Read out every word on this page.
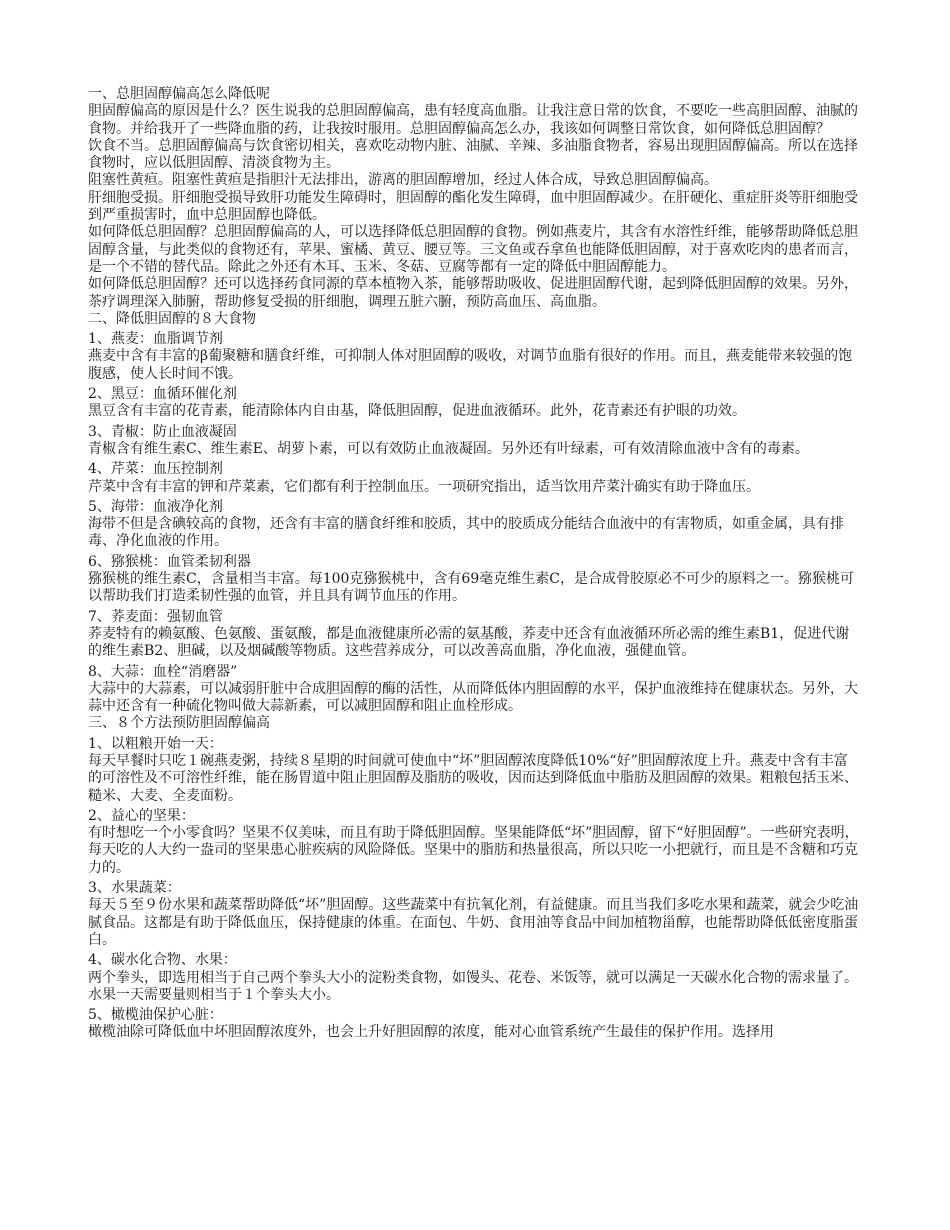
一、总胆固醇偏高怎么降低呢

胆固醇偏高的原因是什么？医生说我的总胆固醇偏高，患有轻度高血脂。让我注意日常的饮食，不要吃一些高胆固醇、油腻的食物。并给我开了一些降血脂的药，让我按时服用。总胆固醇偏高怎么办，我该如何调整日常饮食，如何降低总胆固醇？

饮食不当。总胆固醇偏高与饮食密切相关，喜欢吃动物内脏、油腻、辛辣、多油脂食物者，容易出现胆固醇偏高。所以在选择食物时，应以低胆固醇、清淡食物为主。

阻塞性黄疸。阻塞性黄疸是指胆汁无法排出，游离的胆固醇增加，经过人体合成，导致总胆固醇偏高。

肝细胞受损。肝细胞受损导致肝功能发生障碍时，胆固醇的酯化发生障碍，血中胆固醇减少。在肝硬化、重症肝炎等肝细胞受到严重损害时，血中总胆固醇也降低。

如何降低总胆固醇？总胆固醇偏高的人，可以选择降低总胆固醇的食物。例如燕麦片，其含有水溶性纤维，能够帮助降低总胆固醇含量，与此类似的食物还有，苹果、蜜橘、黄豆、腰豆等。三文鱼或吞拿鱼也能降低胆固醇，对于喜欢吃肉的患者而言，是一个不错的替代品。除此之外还有木耳、玉米、冬菇、豆腐等都有一定的降低中胆固醇能力。

如何降低总胆固醇？还可以选择药食同源的草本植物入茶，能够帮助吸收、促进胆固醇代谢，起到降低胆固醇的效果。另外，茶疗调理深入肺腑，帮助修复受损的肝细胞，调理五脏六腑，预防高血压、高血脂。

二、降低胆固醇的８大食物

1、燕麦：血脂调节剂

燕麦中含有丰富的β葡聚糖和膳食纤维，可抑制人体对胆固醇的吸收，对调节血脂有很好的作用。而且，燕麦能带来较强的饱腹感，使人长时间不饿。

2、黑豆：血循环催化剂

黑豆含有丰富的花青素，能清除体内自由基，降低胆固醇，促进血液循环。此外，花青素还有护眼的功效。

3、青椒：防止血液凝固

青椒含有维生素C、维生素E、胡萝卜素，可以有效防止血液凝固。另外还有叶绿素，可有效清除血液中含有的毒素。

4、芹菜：血压控制剂

芹菜中含有丰富的钾和芹菜素，它们都有利于控制血压。一项研究指出，适当饮用芹菜汁确实有助于降血压。

5、海带：血液净化剂

海带不但是含碘较高的食物，还含有丰富的膳食纤维和胶质，其中的胶质成分能结合血液中的有害物质，如重金属，具有排毒、净化血液的作用。

6、猕猴桃：血管柔韧利器

猕猴桃的维生素C，含量相当丰富。每100克猕猴桃中，含有69毫克维生素C，是合成骨胶原必不可少的原料之一。猕猴桃可以帮助我们打造柔韧性强的血管，并且具有调节血压的作用。

7、荞麦面：强韧血管

荞麦特有的赖氨酸、色氨酸、蛋氨酸，都是血液健康所必需的氨基酸，荞麦中还含有血液循环所必需的维生素B1，促进代谢的维生素B2、胆碱，以及烟碱酸等物质。这些营养成分，可以改善高血脂，净化血液，强健血管。

8、大蒜：血栓“消磨器”

大蒜中的大蒜素，可以减弱肝脏中合成胆固醇的酶的活性，从而降低体内胆固醇的水平，保护血液维持在健康状态。另外，大蒜中还含有一种硫化物叫做大蒜新素，可以减胆固醇和阻止血栓形成。

三、８个方法预防胆固醇偏高

1、以粗粮开始一天：

每天早餐时只吃１碗燕麦粥，持续８星期的时间就可使血中“坏”胆固醇浓度降低10%“好”胆固醇浓度上升。燕麦中含有丰富的可溶性及不可溶性纤维，能在肠胃道中阻止胆固醇及脂肪的吸收，因而达到降低血中脂肪及胆固醇的效果。粗粮包括玉米、糙米、大麦、全麦面粉。

2、益心的坚果：

有时想吃一个小零食吗？坚果不仅美味，而且有助于降低胆固醇。坚果能降低“坏”胆固醇，留下“好胆固醇”。一些研究表明，每天吃的人大约一盎司的坚果患心脏疾病的风险降低。坚果中的脂肪和热量很高，所以只吃一小把就行，而且是不含糖和巧克力的。

3、水果蔬菜：

每天５至９份水果和蔬菜帮助降低“坏”胆固醇。这些蔬菜中有抗氧化剂，有益健康。而且当我们多吃水果和蔬菜，就会少吃油腻食品。这都是有助于降低血压，保持健康的体重。在面包、牛奶、食用油等食品中间加植物甾醇，也能帮助降低低密度脂蛋白。

4、碳水化合物、水果：

两个拳头，即选用相当于自己两个拳头大小的淀粉类食物，如馒头、花卷、米饭等，就可以满足一天碳水化合物的需求量了。水果一天需要量则相当于１个拳头大小。

5、橄榄油保护心脏：

橄榄油除可降低血中坏胆固醇浓度外，也会上升好胆固醇的浓度，能对心血管系统产生最佳的保护作用。选择用
